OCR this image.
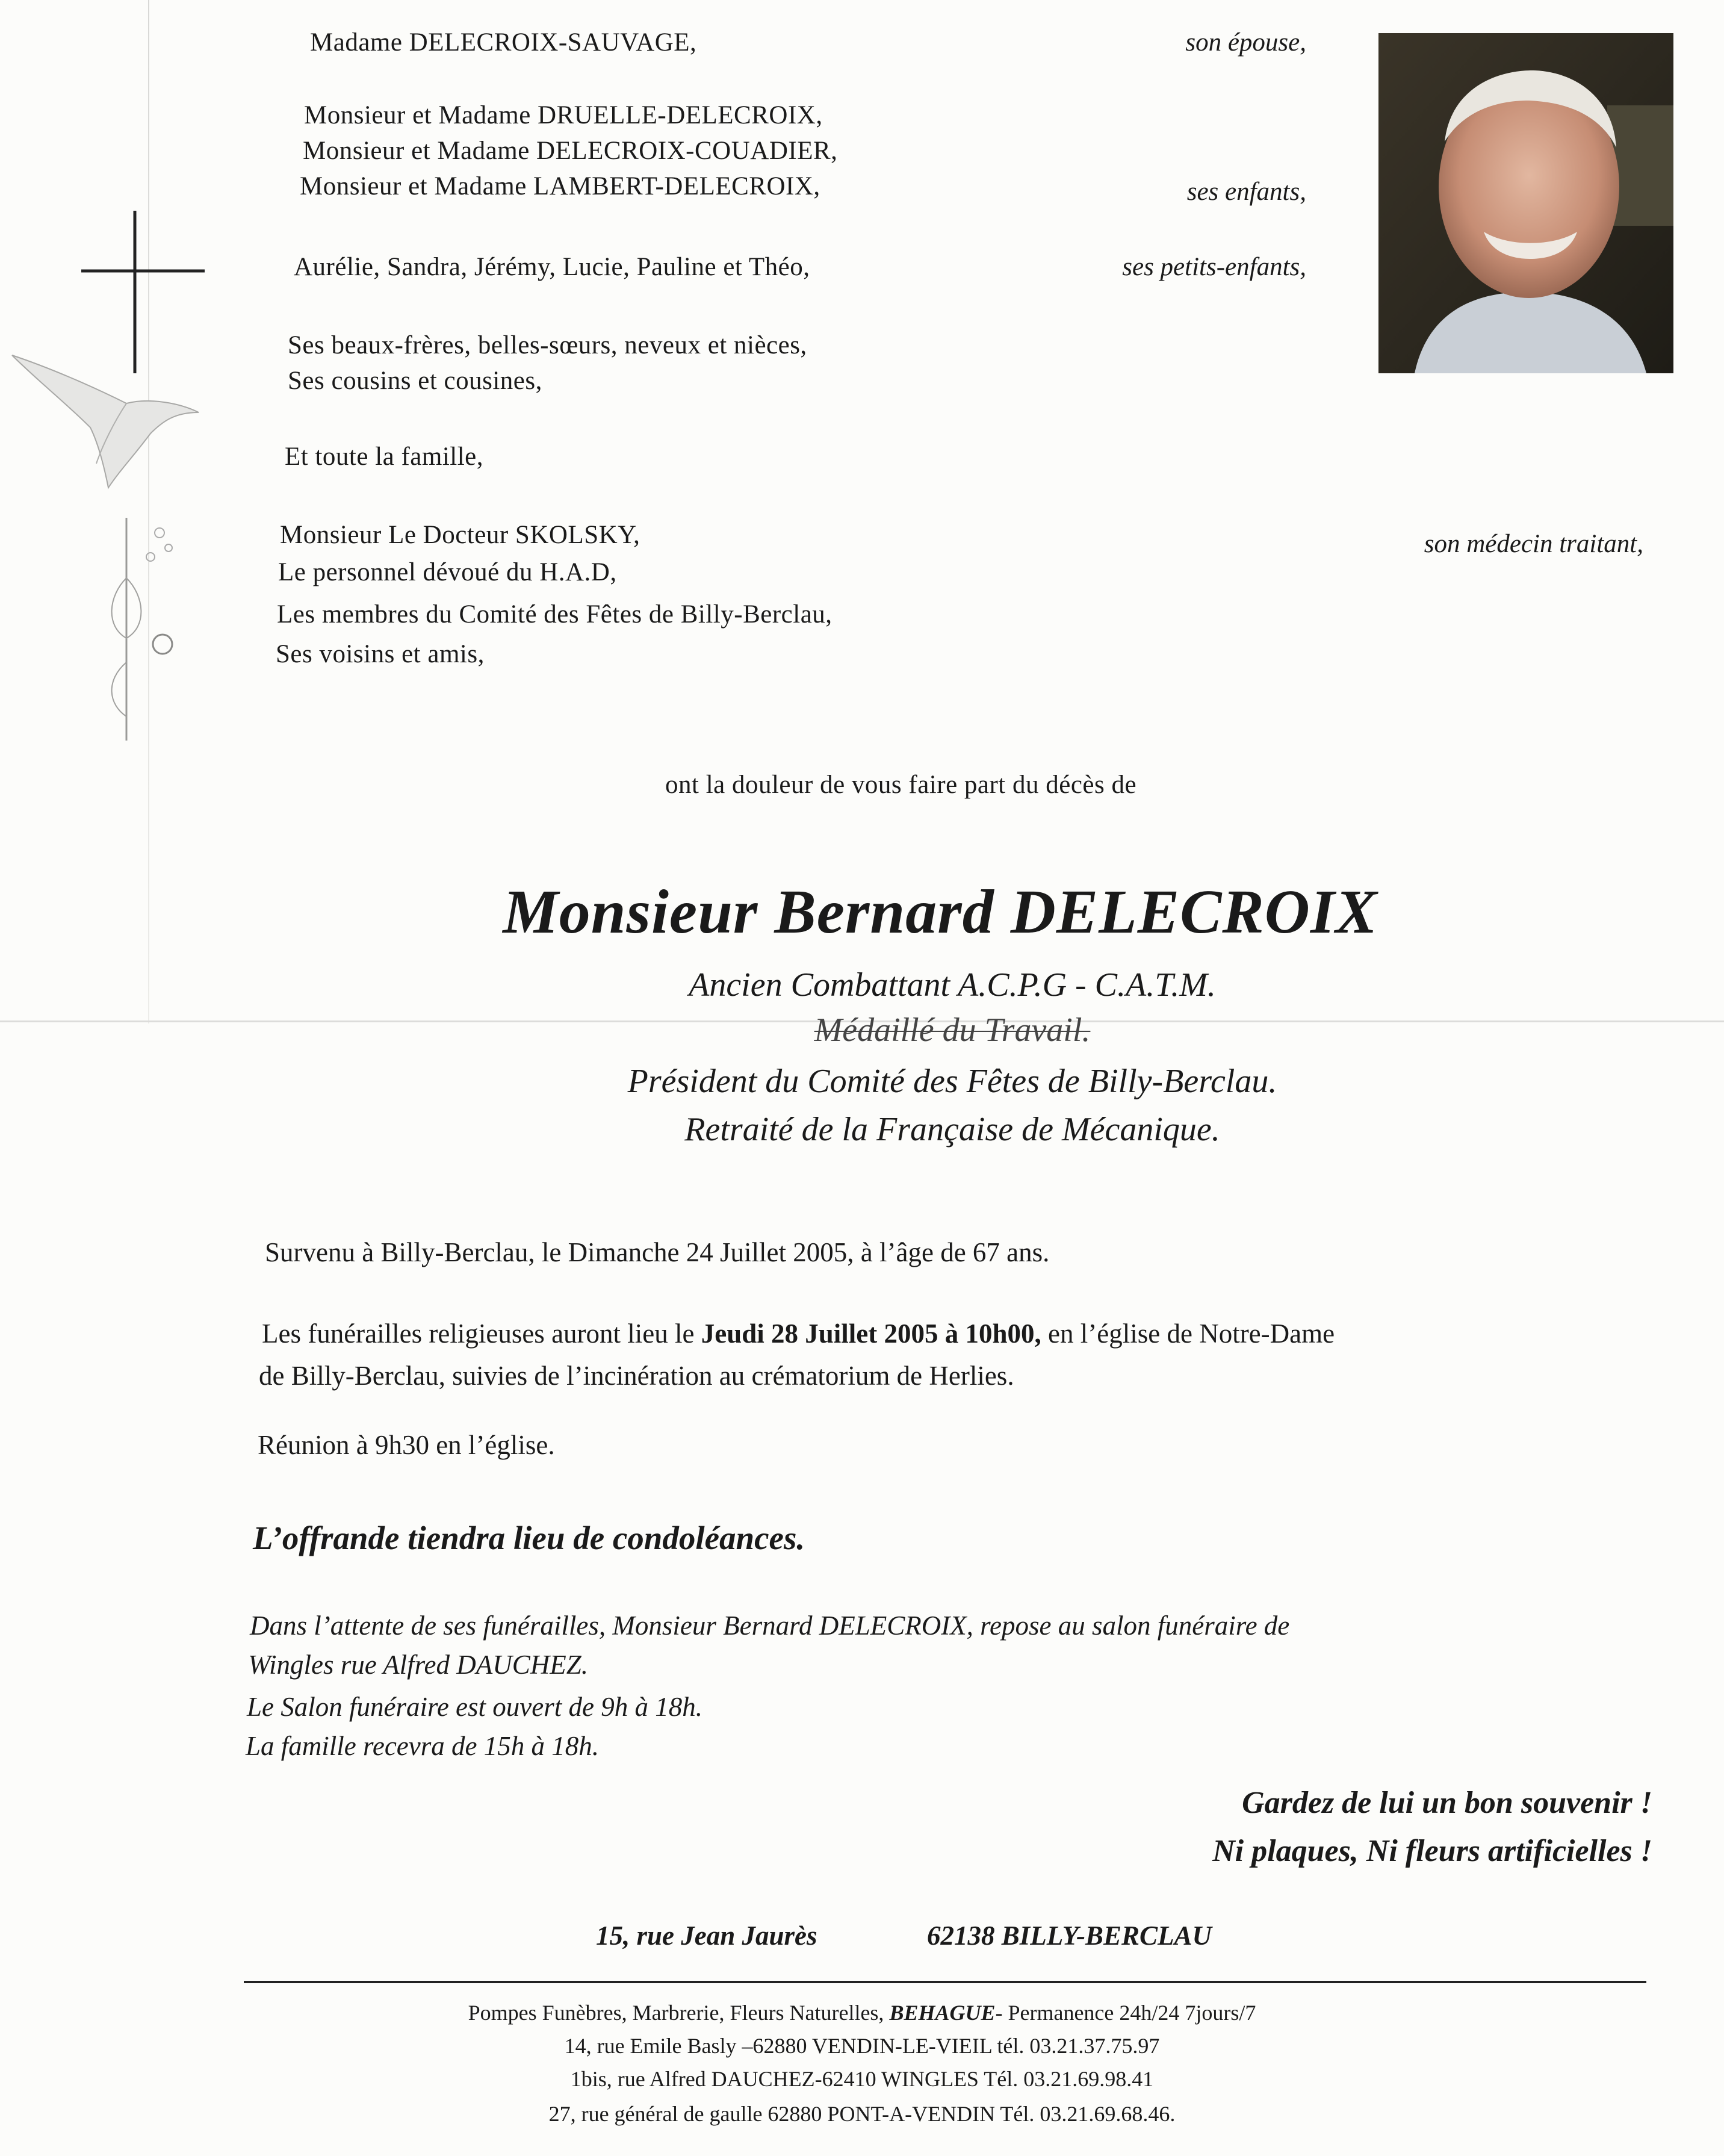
Madame DELECROIX-SAUVAGE,	son épouse,
Monsieur et Madame DRUELLE-DELECROIX,
Monsieur et Madame DELECROIX-COUADIER,
Monsieur et Madame LAMBERT-DELECROIX,	ses enfants,
Aurélie, Sandra, Jérémy, Lucie, Pauline et Théo,	ses petits-enfants,
Ses beaux-frères, belles-sœurs, neveux et nièces,
Ses cousins et cousines,
Et toute la famille,
Monsieur Le Docteur SKOLSKY,	son médecin traitant,
Le personnel dévoué du H.A.D,
Les membres du Comité des Fêtes de Billy-Berclau,
Ses voisins et amis,
ont la douleur de vous faire part du décès de
Monsieur Bernard DELECROIX
Ancien Combattant A.C.P.G - C.A.T.M.
Médaillé du Travail.
Président du Comité des Fêtes de Billy-Berclau.
Retraité de la Française de Mécanique.
Survenu à Billy-Berclau, le Dimanche 24 Juillet 2005, à l’âge de 67 ans.
Les funérailles religieuses auront lieu le Jeudi 28 Juillet 2005 à 10h00, en l’église de Notre-Dame
de Billy-Berclau, suivies de l’incinération au crématorium de Herlies.
Réunion à 9h30 en l’église.
L’offrande tiendra lieu de condoléances.
Dans l’attente de ses funérailles, Monsieur Bernard DELECROIX, repose au salon funéraire de
Wingles rue Alfred DAUCHEZ.
Le Salon funéraire est ouvert de 9h à 18h.
La famille recevra de 15h à 18h.
Gardez de lui un bon souvenir !
Ni plaques, Ni fleurs artificielles !
15, rue Jean Jaurès	62138 BILLY-BERCLAU
Pompes Funèbres, Marbrerie, Fleurs Naturelles, BEHAGUE- Permanence 24h/24 7jours/7
14, rue Emile Basly –62880 VENDIN-LE-VIEIL tél. 03.21.37.75.97
1bis, rue Alfred DAUCHEZ-62410 WINGLES Tél. 03.21.69.98.41
27, rue général de gaulle 62880 PONT-A-VENDIN Tél. 03.21.69.68.46.
